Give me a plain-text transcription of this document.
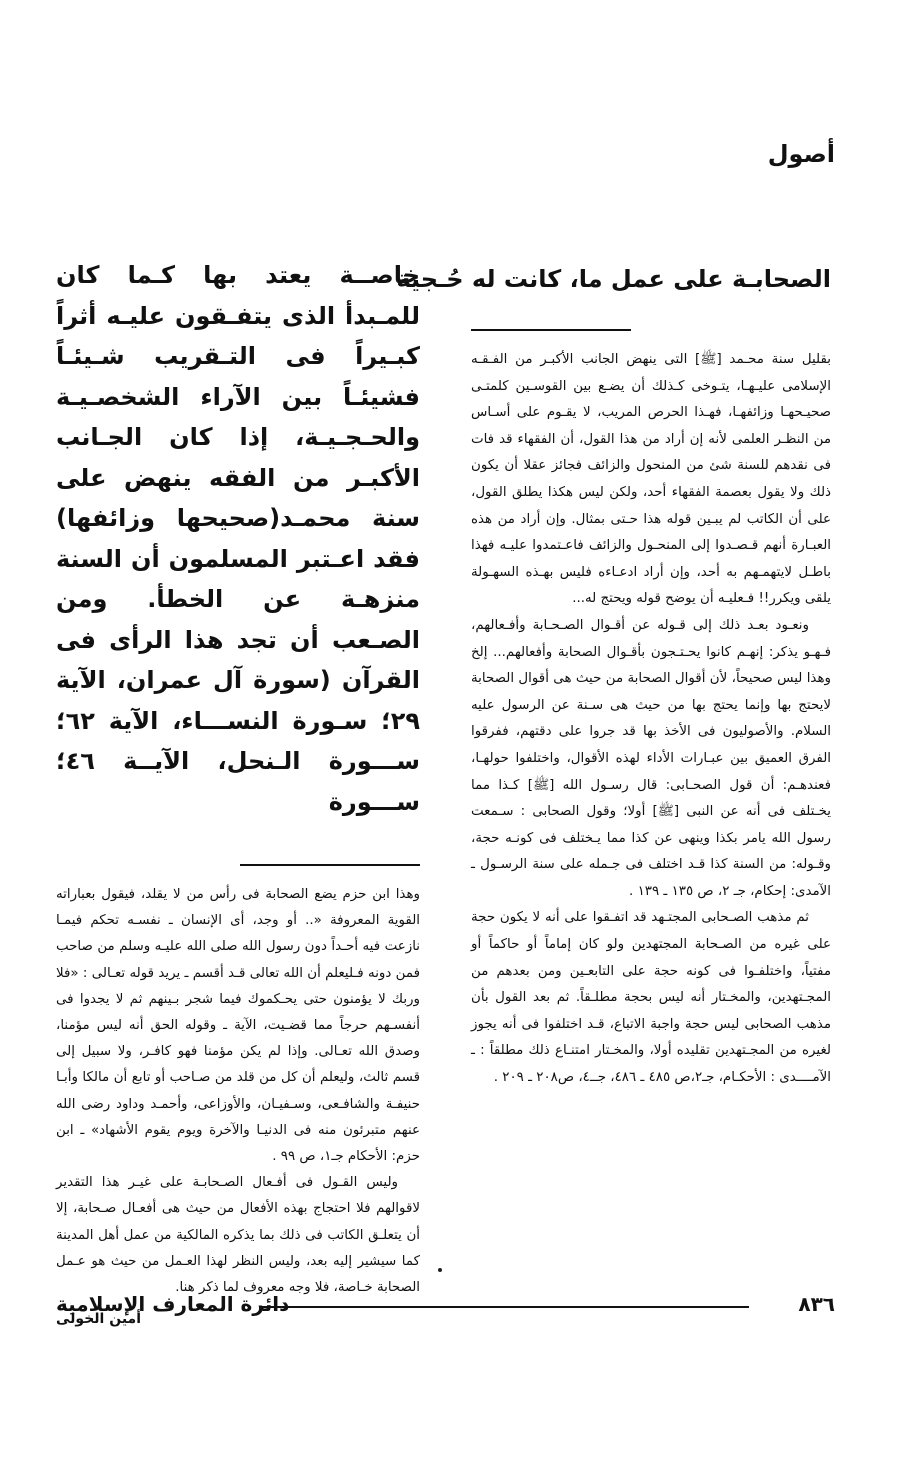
أصول
الصحابـة على عمل ما، كانت له حُـجية

بقليل سنة محـمد [ﷺ] التى ينهض الجانب الأكبـر من الفـقـه الإسلامى عليـهـا، يتـوخى كـذلك أن يضـع بين القوسـين كلمتـى صحيـحهـا وزائفهـا، فهـذا الحرص المريب، لا يقـوم على أسـاس من النظـر العلمى لأنه إن أراد من هذا القول، أن الفقهاء قد فات فى نقدهم للسنة شئ من المنحول والزائف فجائز عقلا أن يكون ذلك ولا يقول بعصمة الفقهاء أحد، ولكن ليس هكذا يطلق القول، على أن الكاتب لم يبـين قوله هذا حـتى بمثال. وإن أراد من هذه العبـارة أنهم قـصـدوا إلى المنحـول والزائف فاعـتمدوا عليـه فهذا باطـل لايتهمـهم به أحد، وإن أراد ادعـاءه فليس بهـذه السهـولة يلقى ويكرر!! فـعليـه أن يوضح قوله ويحتج له...

ونعـود بعـد ذلك إلى قـوله عن أقـوال الصـحـابة وأفـعالهم، فـهـو يذكر: إنهـم كانوا يحـتـجون بأقـوال الصحابة وأفعالهم... إلخ وهذا ليس صحيحاً، لأن أقوال الصحابة من حيث هى أقوال الصحابة لايحتج بها وإنما يحتج بها من حيث هى سـنة عن الرسول عليه السلام. والأصوليون فى الأخذ بها قد جروا على دقتهم، ففرقوا الفرق العميق بين عبـارات الأداء لهذه الأقوال، واختلفوا حولهـا، فعندهـم: أن قول الصحـابى: قال رسـول الله [ﷺ] كـذا مما يخـتلف فى أنه عن النبى [ﷺ] أولا؛ وقول الصحابى : سـمعت رسول الله يامر بكذا وينهى عن كذا مما يـختلف فى كونـه حجة، وقـوله: من السنة كذا قـد اختلف فى جـمله على سنة الرسـول ـ الآمدى: إحكام، جـ ٢، ص ١٣٥ ـ ١٣٩ .

ثم مذهب الصـحابى المجتـهد قد اتفـقوا على أنه لا يكون حجة على غيره من الصـحابة المجتهدين ولو كان إماماً أو حاكماً أو مفتياً، واختلفـوا فى كونه حجة على التابعـين ومن بعدهم من المجـتهدين، والمخـتار أنه ليس بحجة مطلـقاً. ثم بعد القول بأن مذهب الصحابى ليس حجة واجبة الاتباع، قـد اختلفوا فى أنه يجوز لغيره من المجـتهدين تقليده أولا، والمخـتار امتنـاع ذلك مطلقاً : ـ الآمــــدى : الأحكـام، جـ٢،ص ٤٨٥ ـ ٤٨٦، جــ٤، ص٢٠٨ ـ ٢٠٩ .

خاصــة يعتد بها كـما كان للمـبدأ الذى يتفـقون عليـه أثراً كبـيراً فى التـقريب شـيئـاً فشيئـاً بين الآراء الشخصـيـة والحـجـيـة، إذا كان الجـانب الأكبـر من الفقه ينهض على سنة محمـد(صحيحها وزائفها) فقد اعـتبر المسلمون أن السنة منزهـة عن الخطأ. ومن الصـعب أن تجد هذا الرأى فى القرآن (سورة آل عمران، الآية ٢٩؛ سـورة النســـاء، الآية ٦٢؛ ســـورة الـنحل، الآيــة ٤٦؛ ســـورة

وهذا ابن حزم يضع الصحابة فى رأس من لا يقلد، فيقول بعباراته القوية المعروفة «.. أو وجد، أى الإنسان ـ نفسـه تحكم فيمـا نازعت فيه أحـداً دون رسول الله صلى الله عليـه وسلم من صاحب فمن دونه فـليعلم أن الله تعالى قـد أقسم ـ يريد قوله تعـالى : «فلا وربك لا يؤمنون حتى يحـكموك فيما شجر بـينهم ثم لا يجدوا فى أنفسـهم حرجاً مما قضـيت، الآية ـ وقوله الحق أنه ليس مؤمنا، وصدق الله تعـالى. وإذا لم يكن مؤمنا فهو كافـر، ولا سبيل إلى قسم ثالث، وليعلم أن كل من قلد من صـاحب أو تابع أن مالكا وأبـا حنيفـة والشافـعى، وسـفيـان، والأوزاعى، وأحمـد وداود رضى الله عنهم متبرئون منه فى الدنيـا والآخرة ويوم يقوم الأشهاد» ـ ابن حزم: الأحكام جـ١، ص ٩٩ .

وليس القـول فى أفـعال الصـحابـة على غيـر هذا التقدير لاقوالهم فلا احتجاج بهذه الأفعال من حيث هى أفعـال صـحابة، إلا أن يتعلـق الكاتب فى ذلك بما يذكره المالكية من عمل أهل المدينة كما سيشير إليه بعد، وليس النظر لهذا العـمل من حيث هو عـمل الصحابة خـاصة، فلا وجه معروف لما ذكر هنا.

أمين الخولى
دائرة المعارف الإسلامية	٨٣٦
